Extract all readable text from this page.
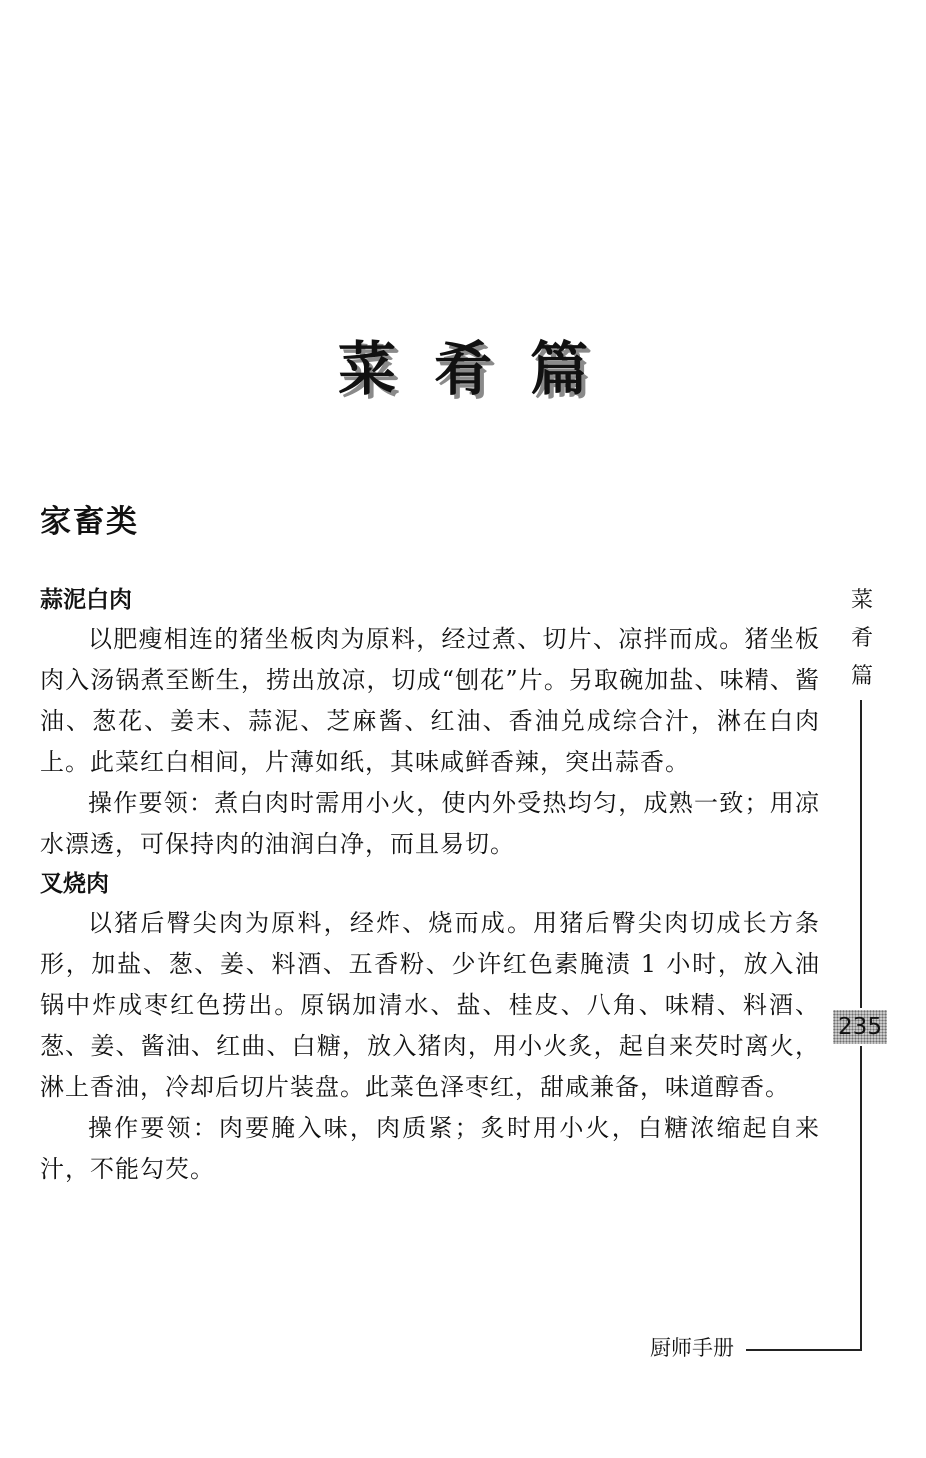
菜肴篇
家畜类
蒜泥白肉

以肥瘦相连的猪坐板肉为原料，经过煮、切片、凉拌而成。猪坐板肉入汤锅煮至断生，捞出放凉，切成“刨花”片。另取碗加盐、味精、酱油、葱花、姜末、蒜泥、芝麻酱、红油、香油兑成综合汁，淋在白肉上。此菜红白相间，片薄如纸，其味咸鲜香辣，突出蒜香。

操作要领：煮白肉时需用小火，使内外受热均匀，成熟一致；用凉水漂透，可保持肉的油润白净，而且易切。

叉烧肉

以猪后臀尖肉为原料，经炸、烧而成。用猪后臀尖肉切成长方条形，加盐、葱、姜、料酒、五香粉、少许红色素腌渍 1 小时，放入油锅中炸成枣红色捞出。原锅加清水、盐、桂皮、八角、味精、料酒、葱、姜、酱油、红曲、白糖，放入猪肉，用小火炙，起自来芡时离火，淋上香油，冷却后切片装盘。此菜色泽枣红，甜咸兼备，味道醇香。

操作要领：肉要腌入味，肉质紧；炙时用小火，白糖浓缩起自来汁，不能勾芡。

菜
肴
篇
235
厨师手册
